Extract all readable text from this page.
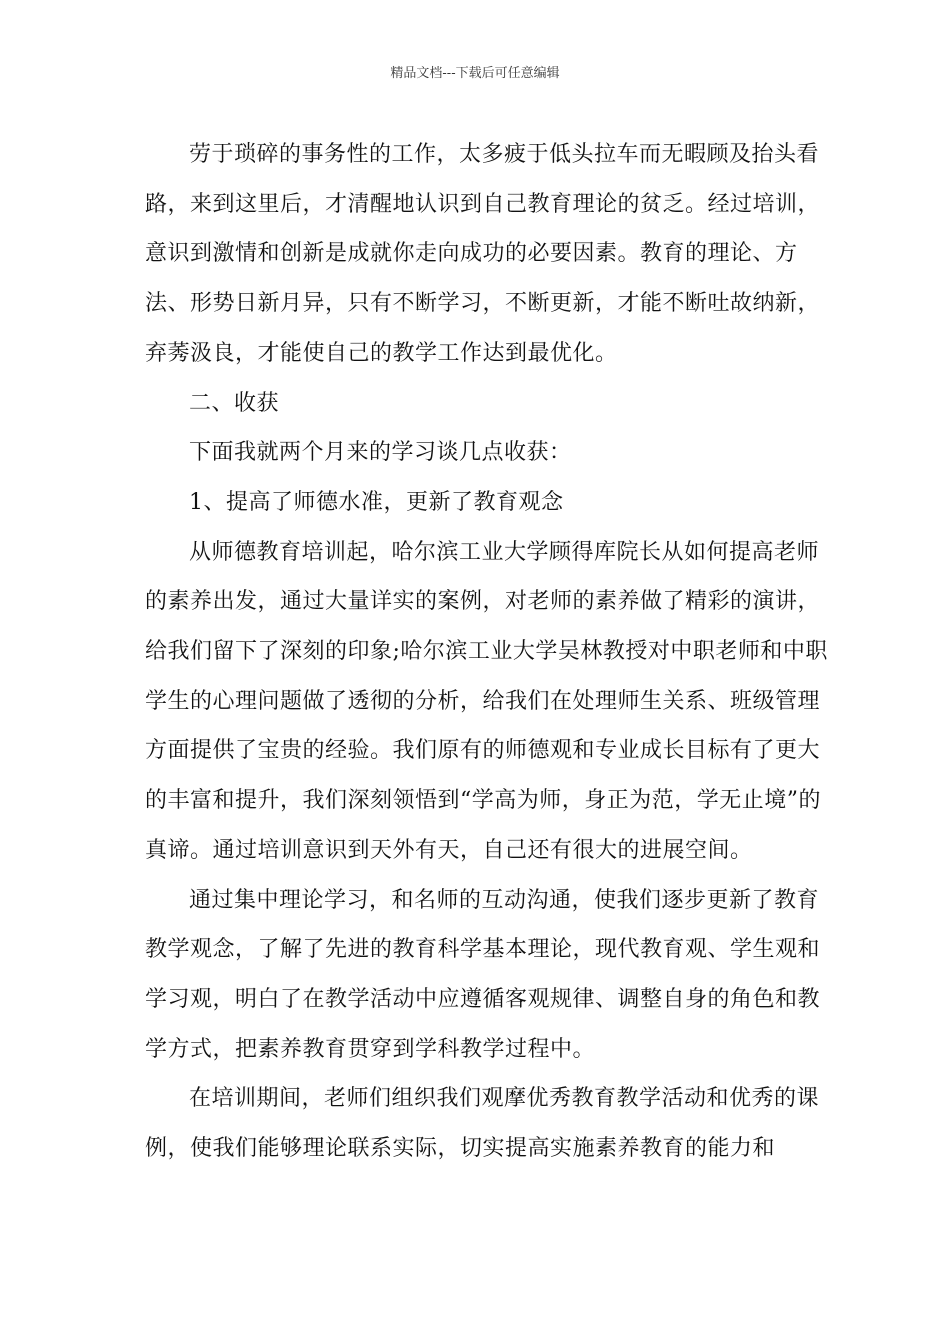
精品文档---下载后可任意编辑

劳于琐碎的事务性的工作，太多疲于低头拉车而无暇顾及抬头看路，来到这里后，才清醒地认识到自己教育理论的贫乏。经过培训，意识到激情和创新是成就你走向成功的必要因素。教育的理论、方法、形势日新月异，只有不断学习，不断更新，才能不断吐故纳新，弃莠汲良，才能使自己的教学工作达到最优化。

二、收获

下面我就两个月来的学习谈几点收获：

1、提高了师德水准，更新了教育观念

从师德教育培训起，哈尔滨工业大学顾得库院长从如何提高老师的素养出发，通过大量详实的案例，对老师的素养做了精彩的演讲，给我们留下了深刻的印象;哈尔滨工业大学吴林教授对中职老师和中职学生的心理问题做了透彻的分析，给我们在处理师生关系、班级管理方面提供了宝贵的经验。我们原有的师德观和专业成长目标有了更大的丰富和提升，我们深刻领悟到“学高为师，身正为范，学无止境”的真谛。通过培训意识到天外有天，自己还有很大的进展空间。

通过集中理论学习，和名师的互动沟通，使我们逐步更新了教育教学观念，了解了先进的教育科学基本理论，现代教育观、学生观和学习观，明白了在教学活动中应遵循客观规律、调整自身的角色和教学方式，把素养教育贯穿到学科教学过程中。

在培训期间，老师们组织我们观摩优秀教育教学活动和优秀的课例，使我们能够理论联系实际，切实提高实施素养教育的能力和
